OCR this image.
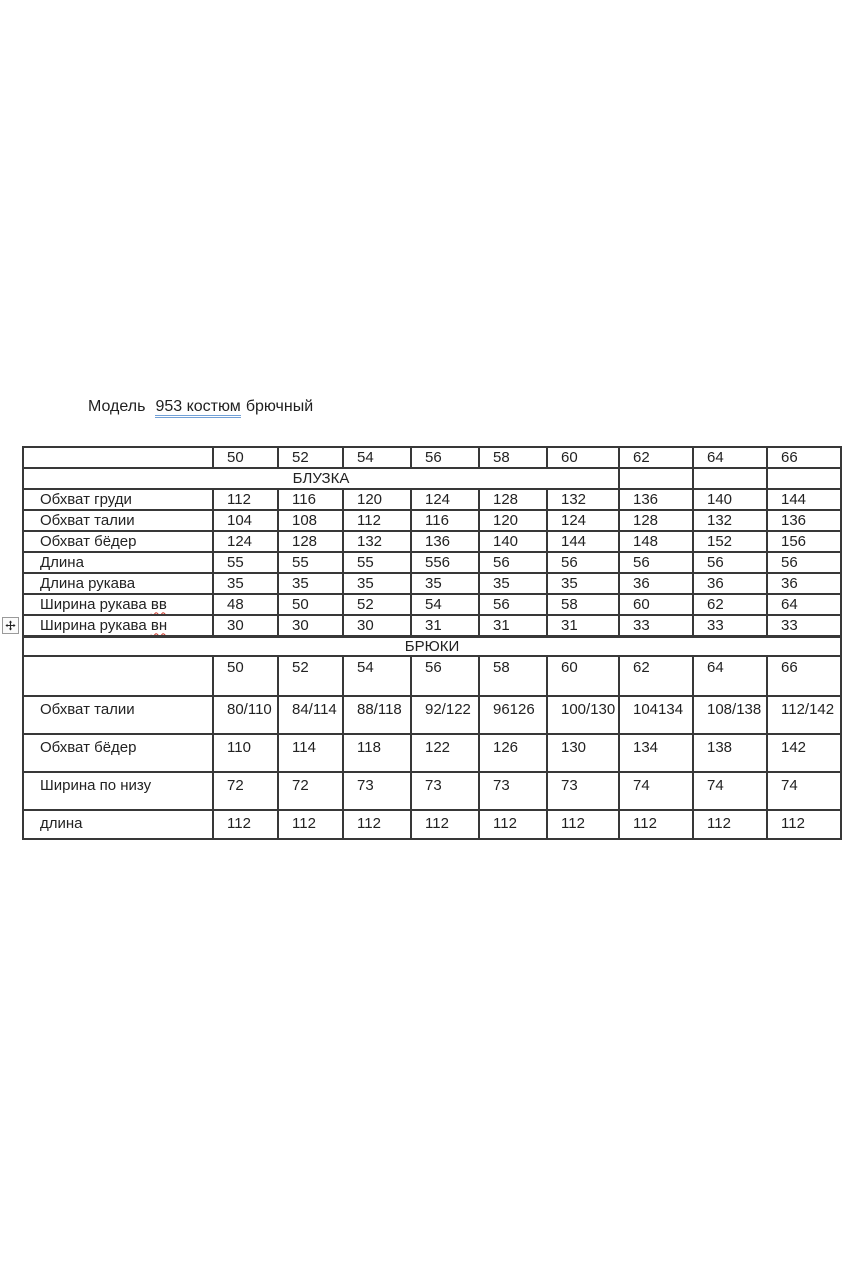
Модель 953 костюм брючный
	50	52	54	56	58	60	62	64	66
БЛУЗКА									
Обхват груди	112	116	120	124	128	132	136	140	144
Обхват талии	104	108	112	116	120	124	128	132	136
Обхват бёдер	124	128	132	136	140	144	148	152	156
Длина	55	55	55	556	56	56	56	56	56
Длина рукава	35	35	35	35	35	35	36	36	36
Ширина рукава вв	48	50	52	54	56	58	60	62	64
Ширина рукава вн	30	30	30	31	31	31	33	33	33
БРЮКИ									
	50	52	54	56	58	60	62	64	66
Обхват талии	80/110	84/114	88/118	92/122	96126	100/130	104134	108/138	112/142
Обхват бёдер	110	114	118	122	126	130	134	138	142
Ширина по низу	72	72	73	73	73	73	74	74	74
длина	112	112	112	112	112	112	112	112	112
